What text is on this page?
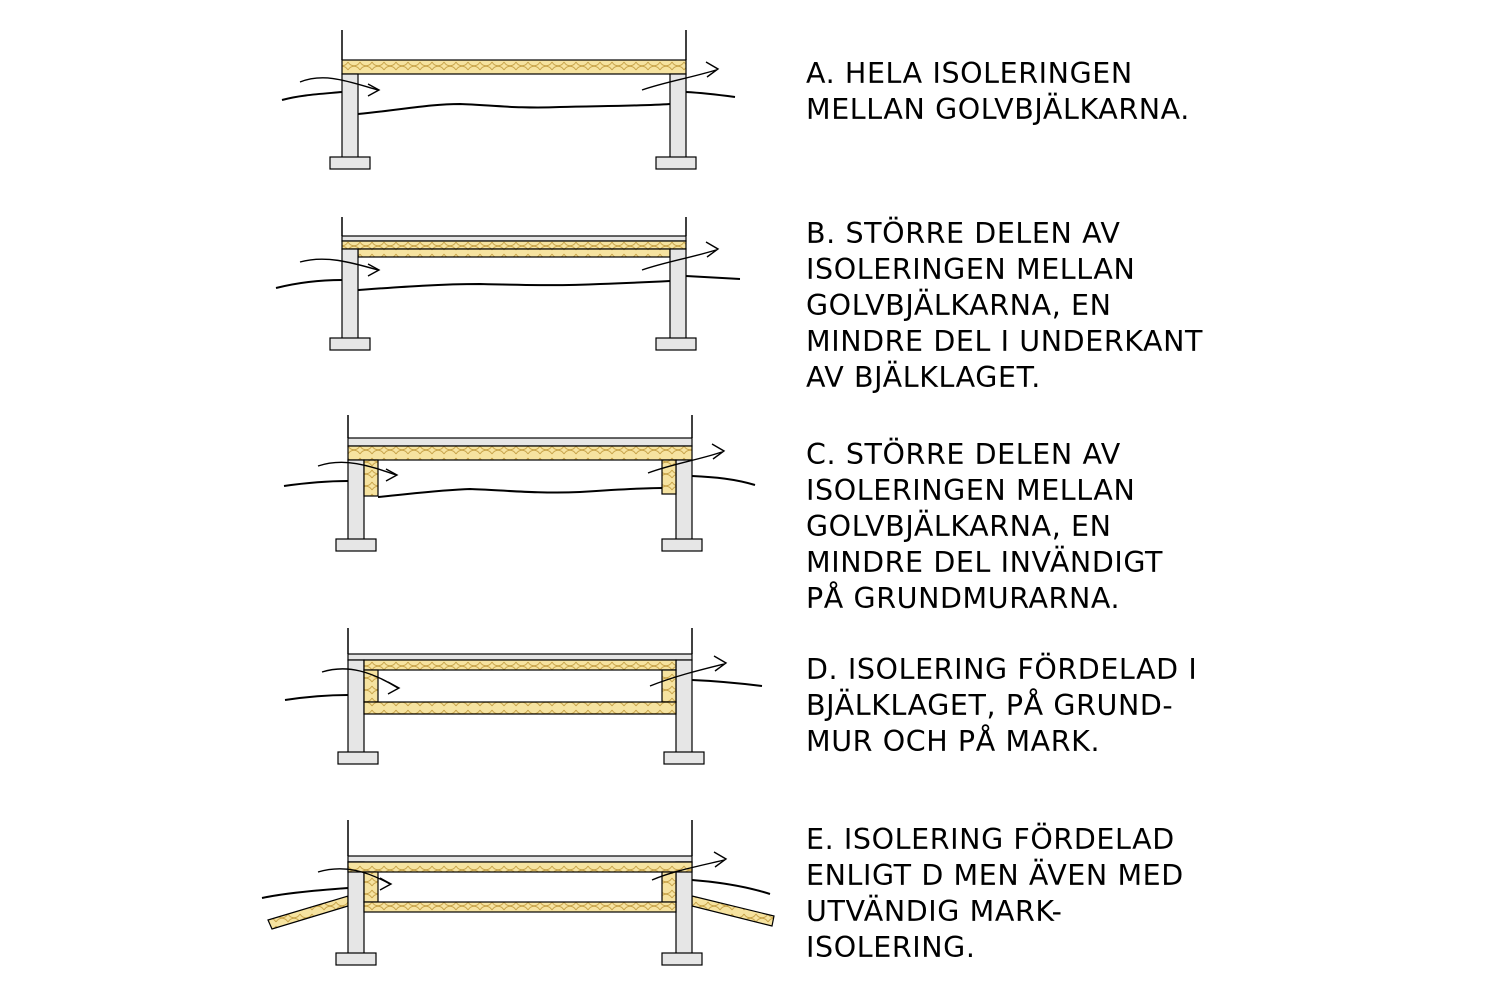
A. HELA ISOLERINGEN
MELLAN GOLVBJÄLKARNA.

B. STÖRRE DELEN AV
ISOLERINGEN MELLAN
GOLVBJÄLKARNA, EN
MINDRE DEL I UNDERKANT
AV BJÄLKLAGET.

C. STÖRRE DELEN AV
ISOLERINGEN MELLAN
GOLVBJÄLKARNA, EN
MINDRE DEL INVÄNDIGT
PÅ GRUNDMURARNA.

D. ISOLERING FÖRDELAD I
BJÄLKLAGET, PÅ GRUND-
MUR OCH PÅ MARK.

E. ISOLERING FÖRDELAD
ENLIGT D MEN ÄVEN MED
UTVÄNDIG MARK-
ISOLERING.
